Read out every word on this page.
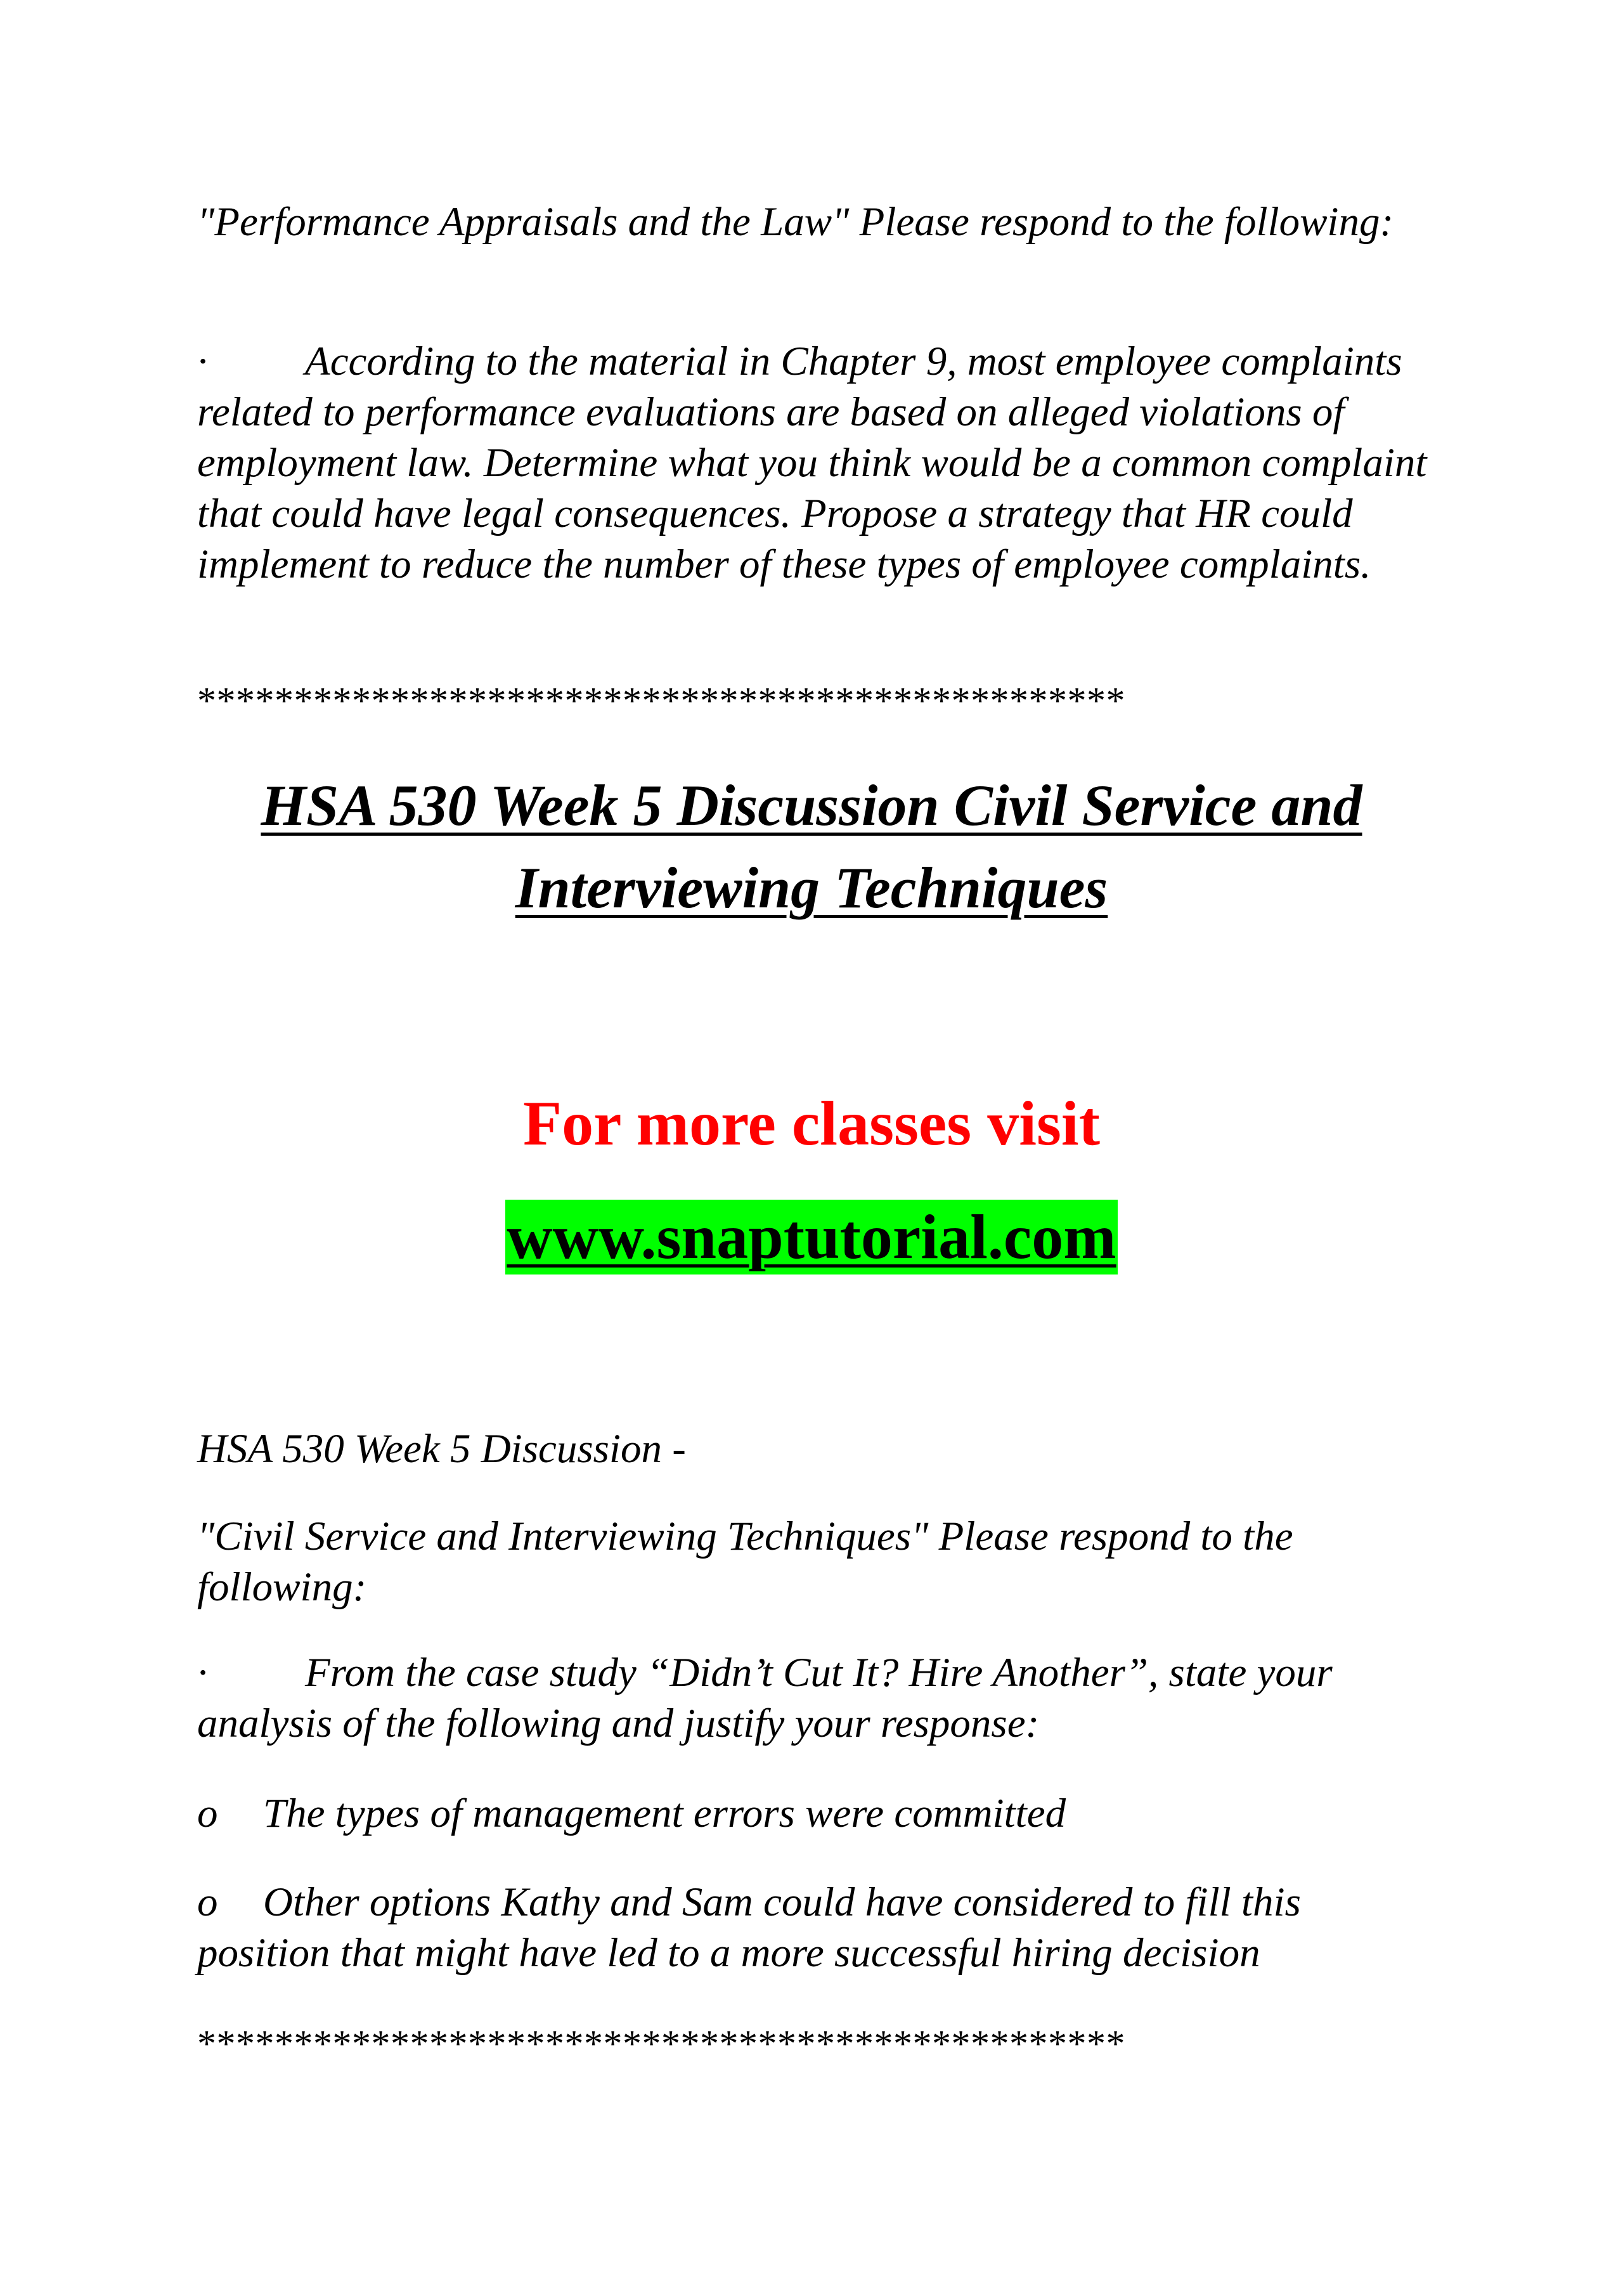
"Performance Appraisals and the Law" Please respond to the following:

· According to the material in Chapter 9, most employee complaints related to performance evaluations are based on alleged violations of employment law. Determine what you think would be a common complaint that could have legal consequences. Propose a strategy that HR could implement to reduce the number of these types of employee complaints.

************************************************

HSA 530 Week 5 Discussion Civil Service and
Interviewing Techniques

For more classes visit

www.snaptutorial.com

HSA 530 Week 5 Discussion -

"Civil Service and Interviewing Techniques" Please respond to the following:

· From the case study “Didn’t Cut It? Hire Another”, state your analysis of the following and justify your response:

o The types of management errors were committed

o Other options Kathy and Sam could have considered to fill this position that might have led to a more successful hiring decision

************************************************
